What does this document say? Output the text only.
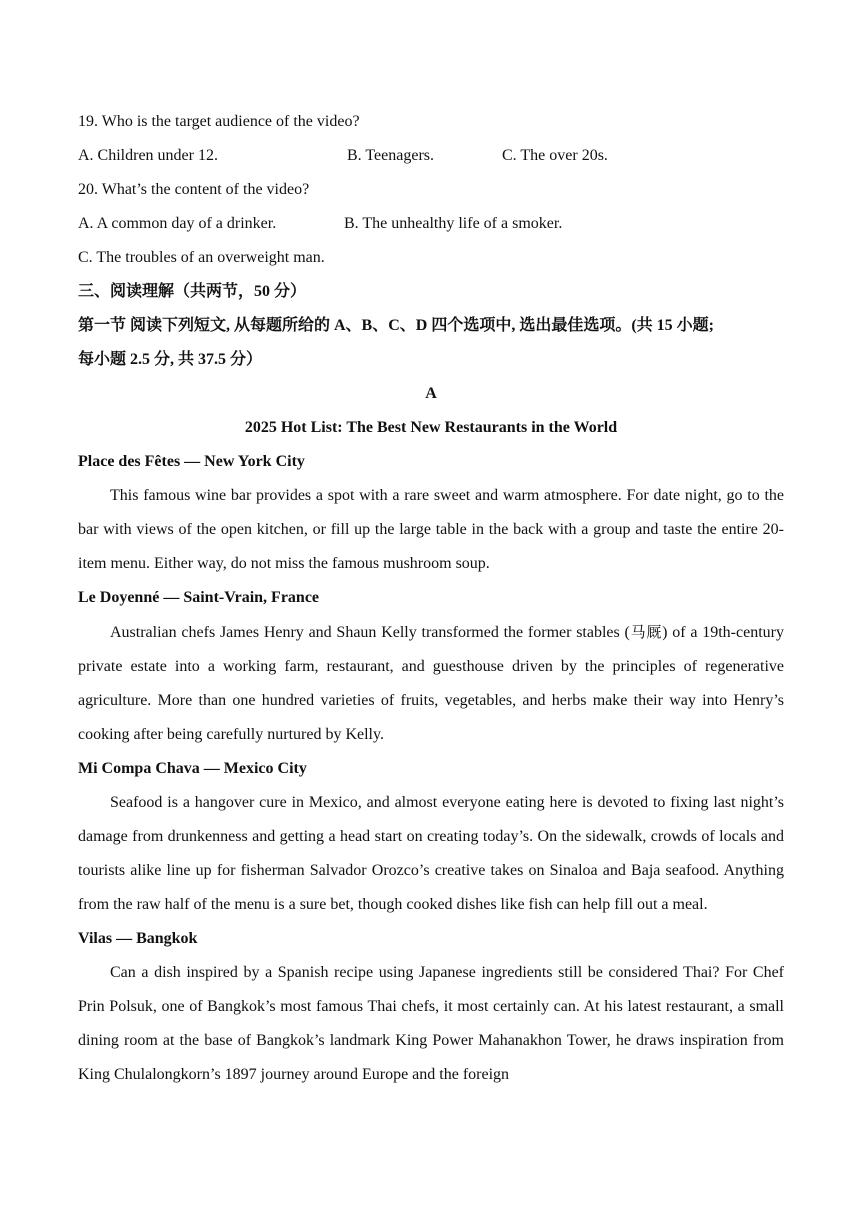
19. Who is the target audience of the video?
A. Children under 12.	B. Teenagers.	C. The over 20s.
20. What’s the content of the video?
A. A common day of a drinker.	B. The unhealthy life of a smoker.
C. The troubles of an overweight man.
三、阅读理解（共两节，50 分）
第一节 阅读下列短文, 从每题所给的 A、B、C、D 四个选项中, 选出最佳选项。(共 15 小题;
每小题 2.5 分, 共 37.5 分）
A
2025 Hot List: The Best New Restaurants in the World
Place des Fêtes — New York City

This famous wine bar provides a spot with a rare sweet and warm atmosphere. For date night, go to the bar with views of the open kitchen, or fill up the large table in the back with a group and taste the entire 20-item menu. Either way, do not miss the famous mushroom soup.

Le Doyenné — Saint-Vrain, France

Australian chefs James Henry and Shaun Kelly transformed the former stables (马厩) of a 19th-century private estate into a working farm, restaurant, and guesthouse driven by the principles of regenerative agriculture. More than one hundred varieties of fruits, vegetables, and herbs make their way into Henry’s cooking after being carefully nurtured by Kelly.

Mi Compa Chava — Mexico City

Seafood is a hangover cure in Mexico, and almost everyone eating here is devoted to fixing last night’s damage from drunkenness and getting a head start on creating today’s. On the sidewalk, crowds of locals and tourists alike line up for fisherman Salvador Orozco’s creative takes on Sinaloa and Baja seafood. Anything from the raw half of the menu is a sure bet, though cooked dishes like fish can help fill out a meal.

Vilas — Bangkok

Can a dish inspired by a Spanish recipe using Japanese ingredients still be considered Thai? For Chef Prin Polsuk, one of Bangkok’s most famous Thai chefs, it most certainly can. At his latest restaurant, a small dining room at the base of Bangkok’s landmark King Power Mahanakhon Tower, he draws inspiration from King Chulalongkorn’s 1897 journey around Europe and the foreign
